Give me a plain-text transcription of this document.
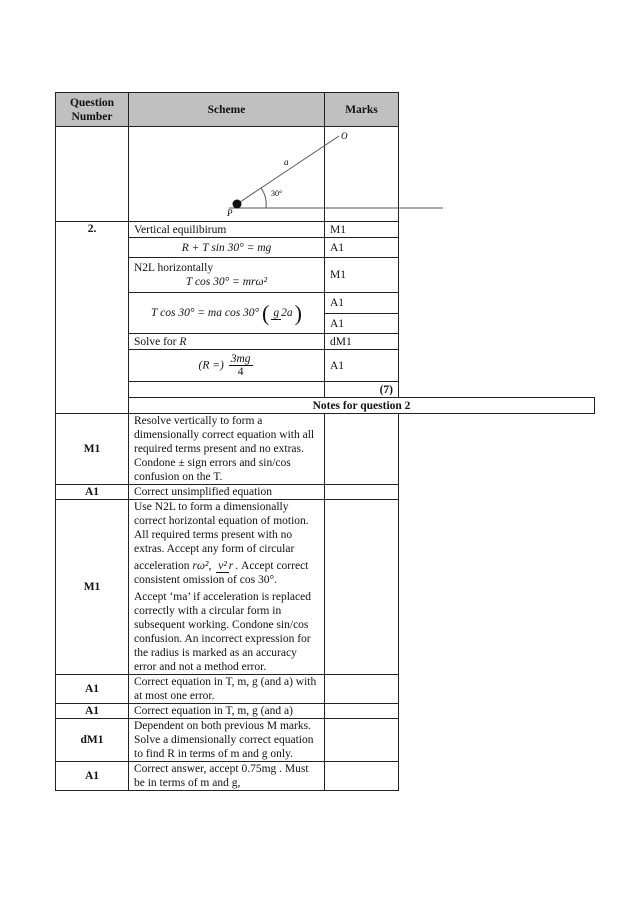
Question Number	Scheme	Marks

O
a
30°
P	

2.	Vertical equilibirum	M1
	R + T sin 30° = mg	A1

	N2L horizontally
T cos 30° = mrω²	M1
	T cos 30° = ma cos 30° ( g 2a)	A1
		A1
	Solve for R	dM1
	(R =) $\frac{3mg}{4}$	A1
		(7)
	Notes for question 2	
M1	Resolve vertically to form a dimensionally correct equation with all required terms present and no extras. Condone ± sign errors and sin/cos confusion on the T.	
A1	Correct unsimplified equation	
M1	Use N2L to form a dimensionally correct horizontal equation of motion. All required terms present with no extras. Accept any form of circular
acceleration rω², v² r . Accept correct consistent omission of cos 30°.
Accept ‘ma’ if acceleration is replaced correctly with a circular form in subsequent working. Condone sin/cos confusion. An incorrect expression for the radius is marked as an accuracy error and not a method error.	

A1	Correct equation in T, m, g (and a) with at most one error.	
A1	Correct equation in T, m, g (and a)	
dM1	Dependent on both previous M marks. Solve a dimensionally correct equation to find R in terms of m and g only.	
A1	Correct answer, accept 0.75mg . Must be in terms of m and g,	
